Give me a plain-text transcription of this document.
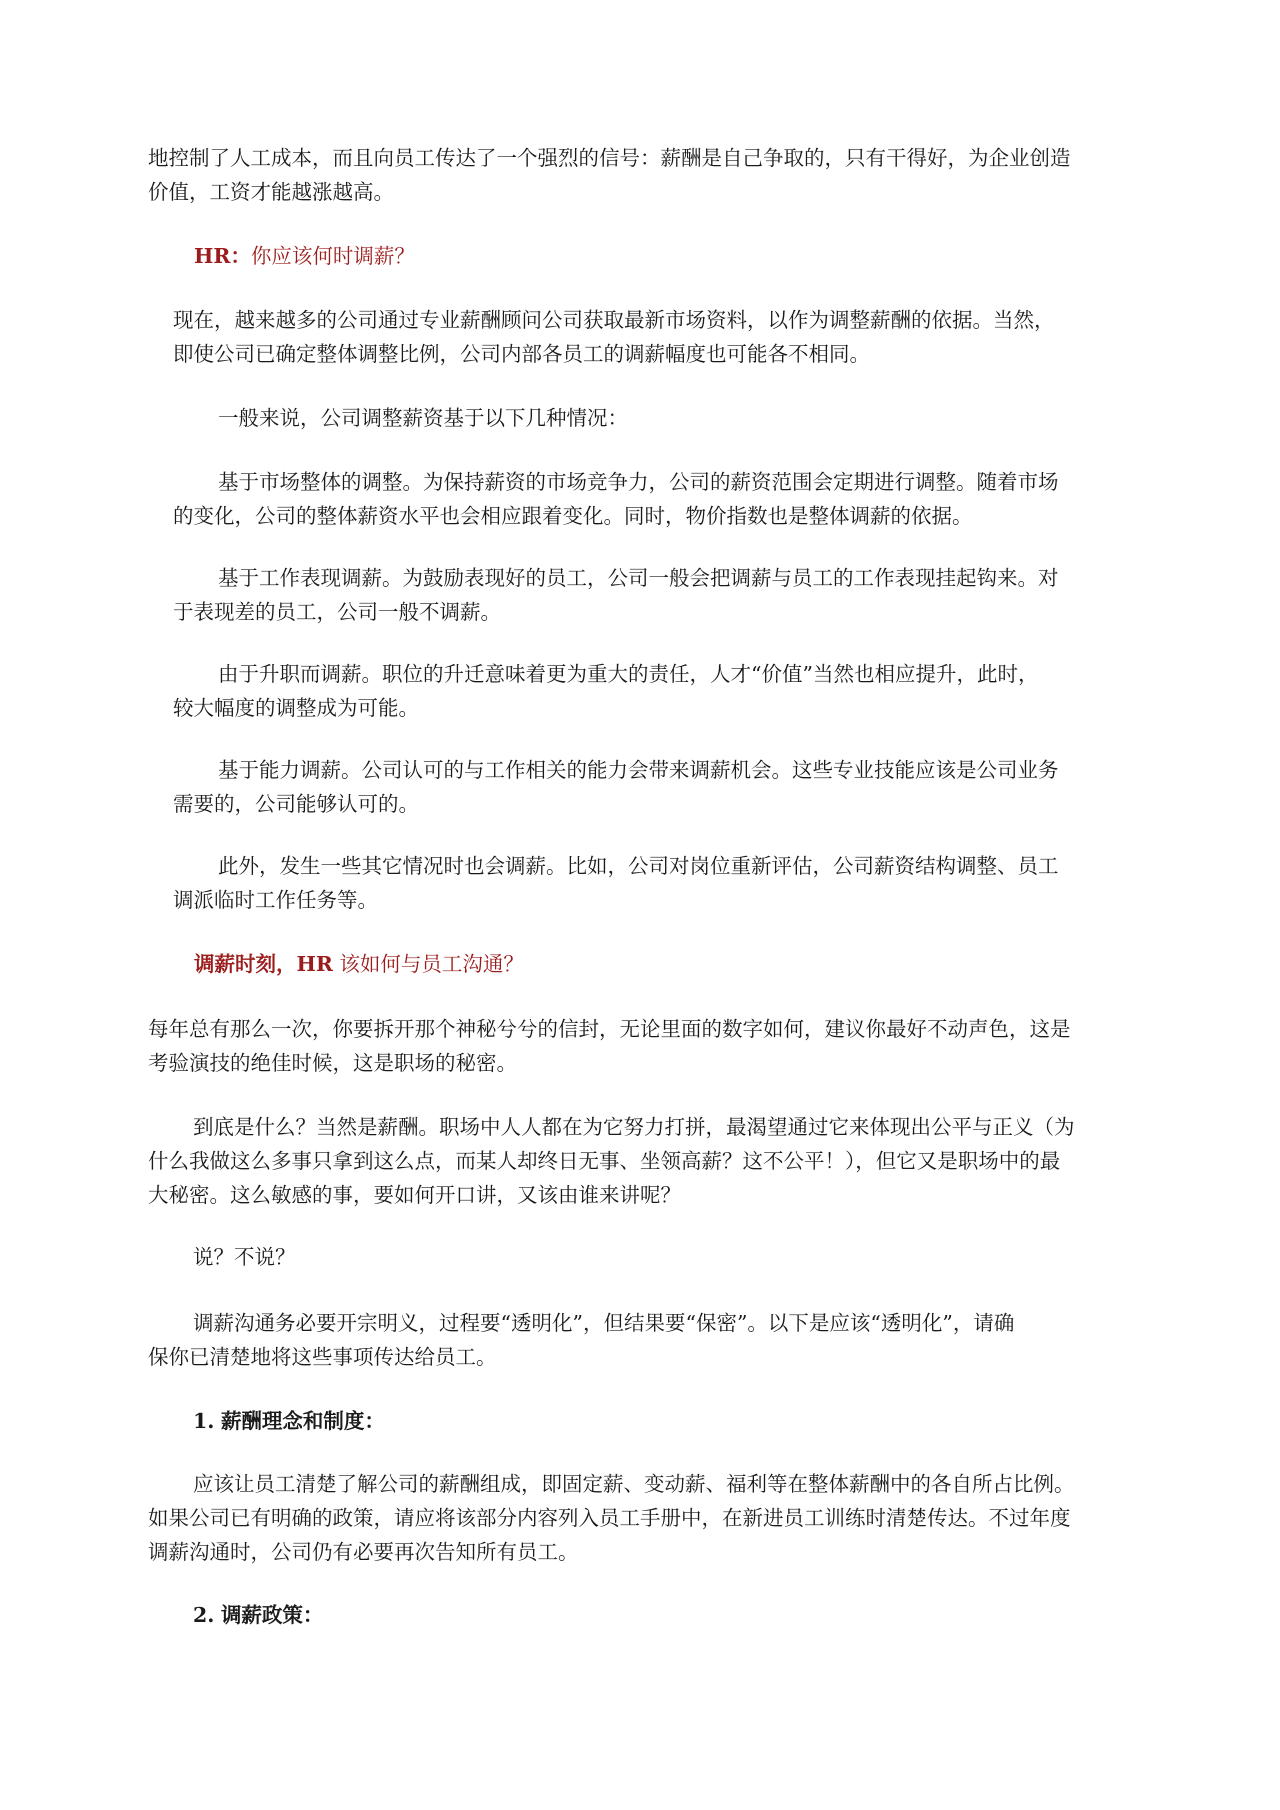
地控制了人工成本，而且向员工传达了一个强烈的信号：薪酬是自己争取的，只有干得好，为企业创造
价值，工资才能越涨越高。
HR：你应该何时调薪？
现在，越来越多的公司通过专业薪酬顾问公司获取最新市场资料，以作为调整薪酬的依据。当然，
即使公司已确定整体调整比例，公司内部各员工的调薪幅度也可能各不相同。
一般来说，公司调整薪资基于以下几种情况：
基于市场整体的调整。为保持薪资的市场竞争力，公司的薪资范围会定期进行调整。随着市场
的变化，公司的整体薪资水平也会相应跟着变化。同时，物价指数也是整体调薪的依据。
基于工作表现调薪。为鼓励表现好的员工，公司一般会把调薪与员工的工作表现挂起钩来。对
于表现差的员工，公司一般不调薪。
由于升职而调薪。职位的升迁意味着更为重大的责任，人才“价值”当然也相应提升，此时，
较大幅度的调整成为可能。
基于能力调薪。公司认可的与工作相关的能力会带来调薪机会。这些专业技能应该是公司业务
需要的，公司能够认可的。
此外，发生一些其它情况时也会调薪。比如，公司对岗位重新评估，公司薪资结构调整、员工
调派临时工作任务等。
调薪时刻，HR 该如何与员工沟通？
每年总有那么一次，你要拆开那个神秘兮兮的信封，无论里面的数字如何，建议你最好不动声色，这是
考验演技的绝佳时候，这是职场的秘密。
到底是什么？当然是薪酬。职场中人人都在为它努力打拼，最渴望通过它来体现出公平与正义（为
什么我做这么多事只拿到这么点，而某人却终日无事、坐领高薪？这不公平！），但它又是职场中的最
大秘密。这么敏感的事，要如何开口讲，又该由谁来讲呢？
说？不说？
调薪沟通务必要开宗明义，过程要“透明化”，但结果要“保密”。以下是应该“透明化”，请确
保你已清楚地将这些事项传达给员工。
1. 薪酬理念和制度：
应该让员工清楚了解公司的薪酬组成，即固定薪、变动薪、福利等在整体薪酬中的各自所占比例。
如果公司已有明确的政策，请应将该部分内容列入员工手册中，在新进员工训练时清楚传达。不过年度
调薪沟通时，公司仍有必要再次告知所有员工。
2. 调薪政策：
